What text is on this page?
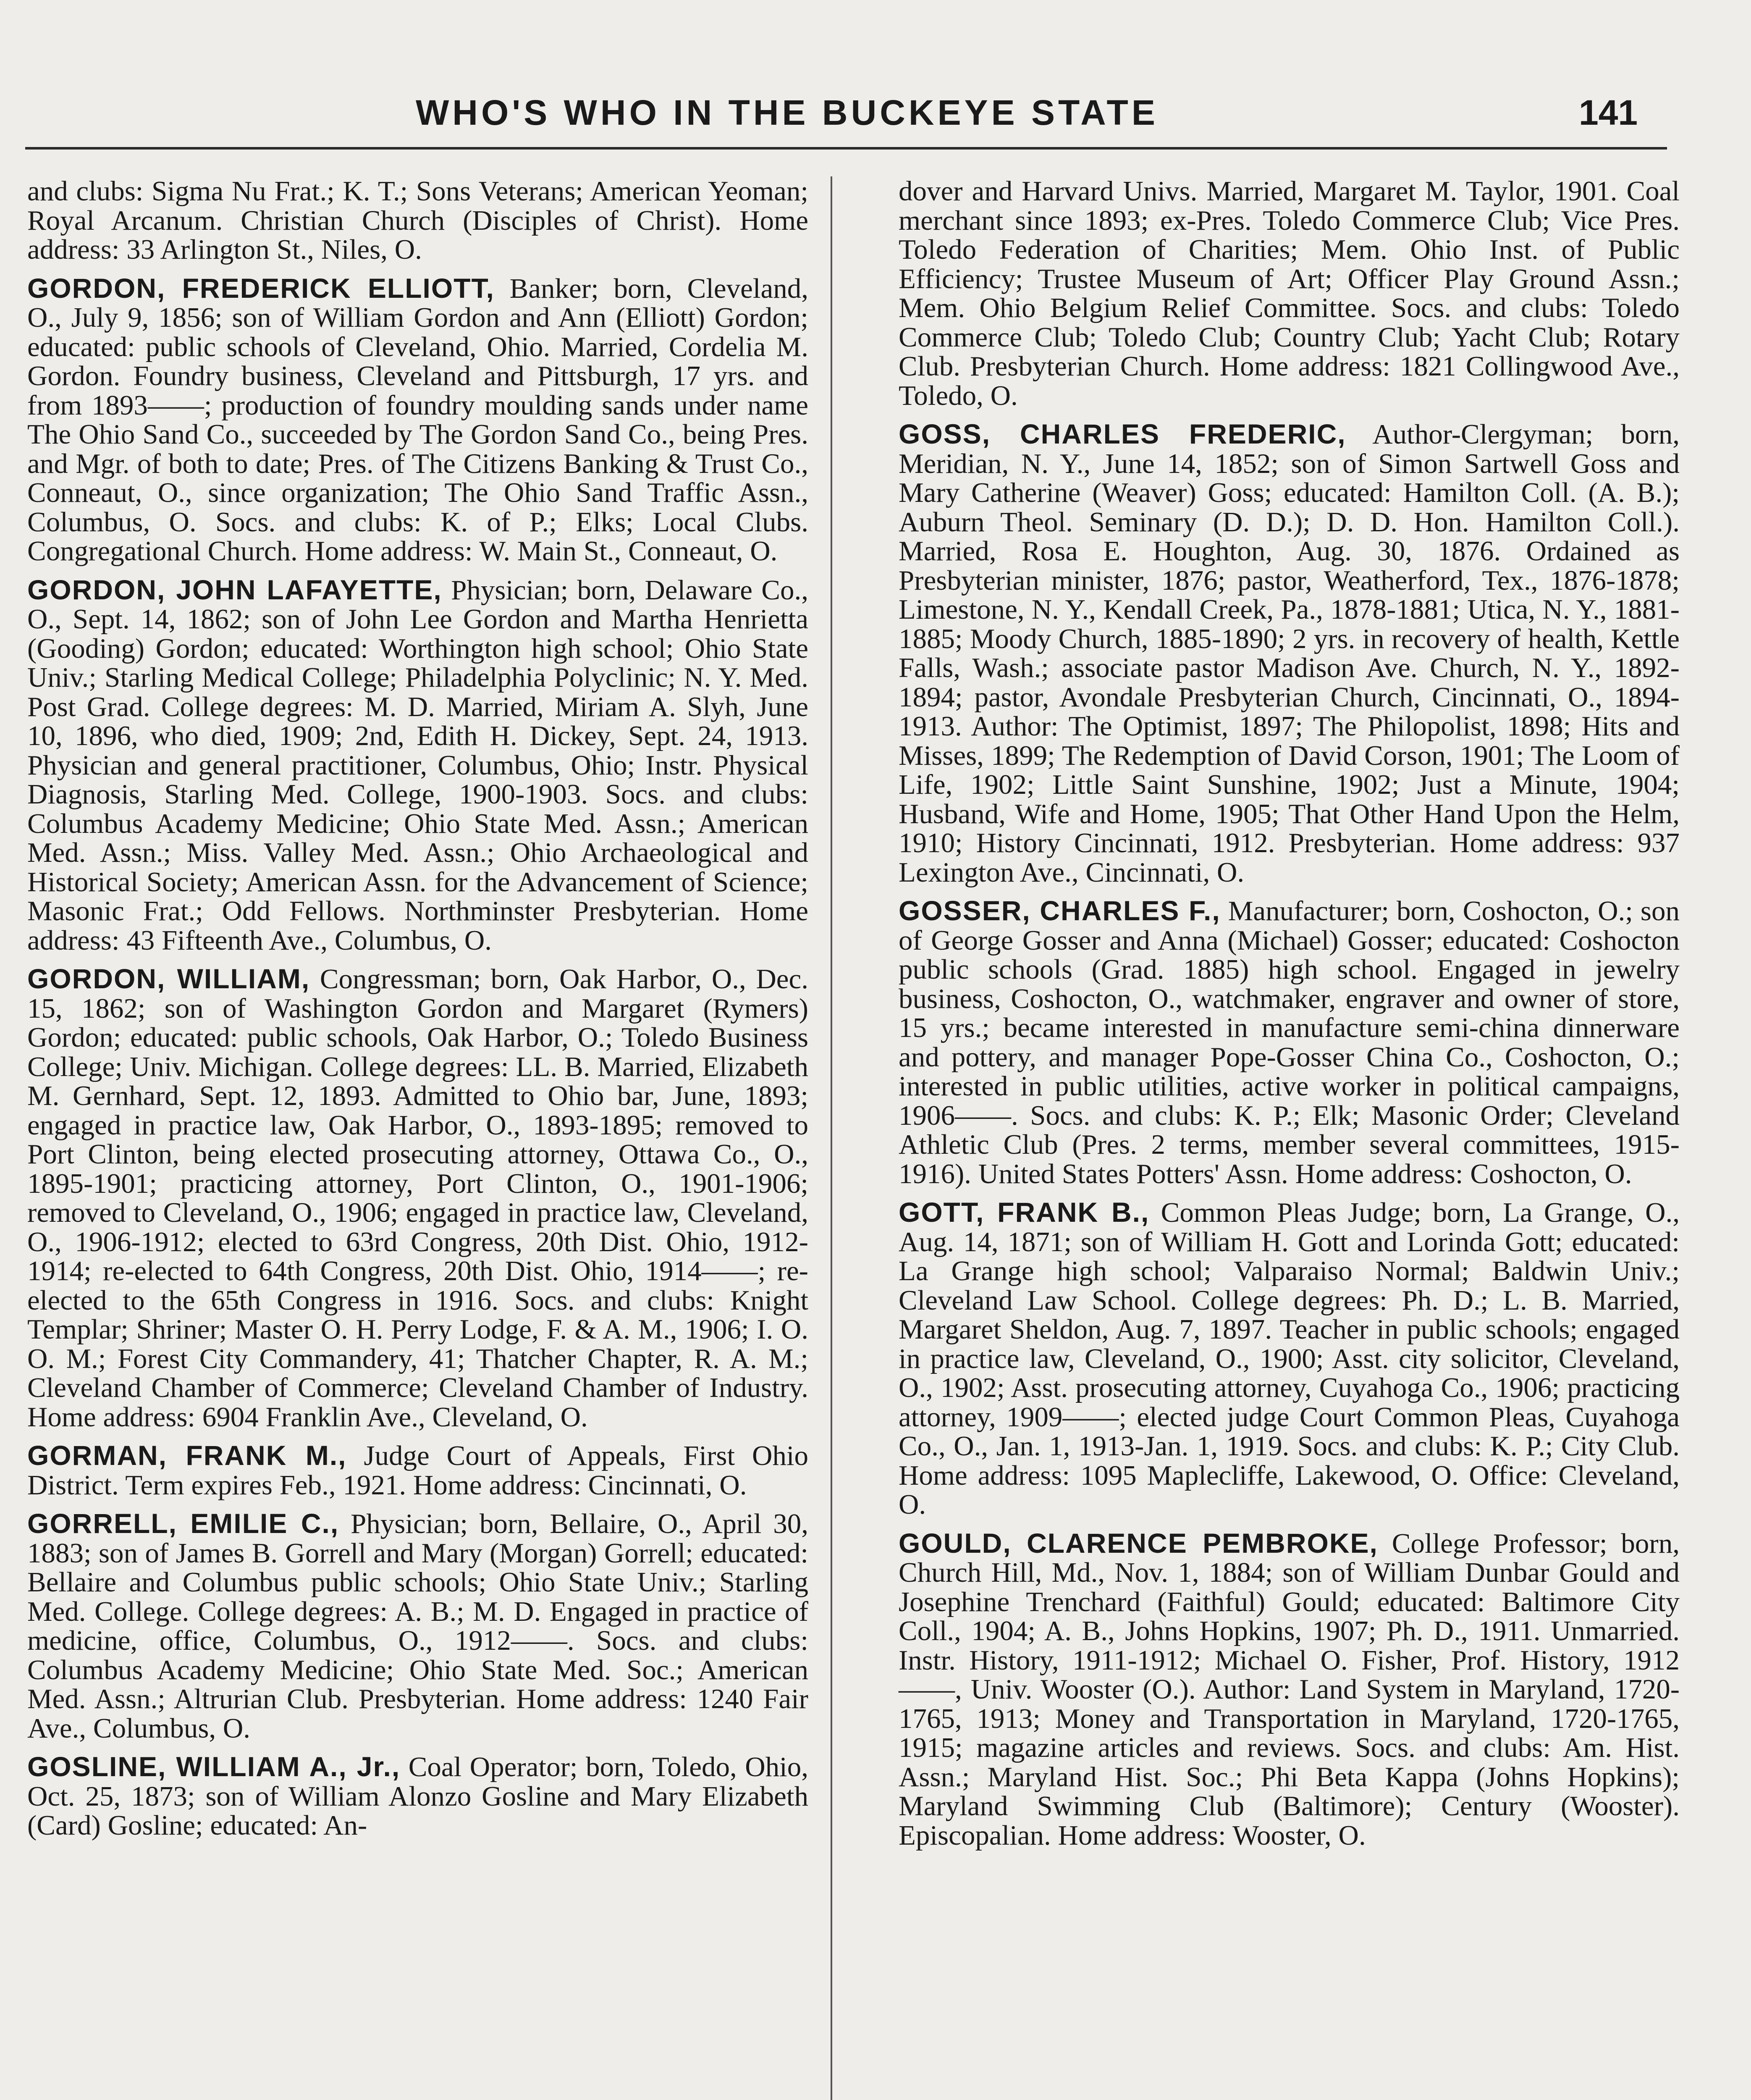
WHO'S WHO IN THE BUCKEYE STATE	141

and clubs: Sigma Nu Frat.; K. T.; Sons Veterans; American Yeoman; Royal Arcanum. Christian Church (Disciples of Christ). Home address: 33 Arlington St., Niles, O.

GORDON, FREDERICK ELLIOTT, Banker; born, Cleveland, O., July 9, 1856; son of William Gordon and Ann (Elliott) Gordon; educated: public schools of Cleveland, Ohio. Married, Cordelia M. Gordon. Foundry business, Cleveland and Pittsburgh, 17 yrs. and from 1893——; production of foundry moulding sands under name The Ohio Sand Co., succeeded by The Gordon Sand Co., being Pres. and Mgr. of both to date; Pres. of The Citizens Banking & Trust Co., Conneaut, O., since organization; The Ohio Sand Traffic Assn., Columbus, O. Socs. and clubs: K. of P.; Elks; Local Clubs. Congregational Church. Home address: W. Main St., Conneaut, O.

GORDON, JOHN LAFAYETTE, Physician; born, Delaware Co., O., Sept. 14, 1862; son of John Lee Gordon and Martha Henrietta (Gooding) Gordon; educated: Worthington high school; Ohio State Univ.; Starling Medical College; Philadelphia Polyclinic; N. Y. Med. Post Grad. College degrees: M. D. Married, Miriam A. Slyh, June 10, 1896, who died, 1909; 2nd, Edith H. Dickey, Sept. 24, 1913. Physician and general practitioner, Columbus, Ohio; Instr. Physical Diagnosis, Starling Med. College, 1900-1903. Socs. and clubs: Columbus Academy Medicine; Ohio State Med. Assn.; American Med. Assn.; Miss. Valley Med. Assn.; Ohio Archaeological and Historical Society; American Assn. for the Advancement of Science; Masonic Frat.; Odd Fellows. Northminster Presbyterian. Home address: 43 Fifteenth Ave., Columbus, O.

GORDON, WILLIAM, Congressman; born, Oak Harbor, O., Dec. 15, 1862; son of Washington Gordon and Margaret (Rymers) Gordon; educated: public schools, Oak Harbor, O.; Toledo Business College; Univ. Michigan. College degrees: LL. B. Married, Elizabeth M. Gernhard, Sept. 12, 1893. Admitted to Ohio bar, June, 1893; engaged in practice law, Oak Harbor, O., 1893-1895; removed to Port Clinton, being elected prosecuting attorney, Ottawa Co., O., 1895-1901; practicing attorney, Port Clinton, O., 1901-1906; removed to Cleveland, O., 1906; engaged in practice law, Cleveland, O., 1906-1912; elected to 63rd Congress, 20th Dist. Ohio, 1912-1914; re-elected to 64th Congress, 20th Dist. Ohio, 1914——; re-elected to the 65th Congress in 1916. Socs. and clubs: Knight Templar; Shriner; Master O. H. Perry Lodge, F. & A. M., 1906; I. O. O. M.; Forest City Commandery, 41; Thatcher Chapter, R. A. M.; Cleveland Chamber of Commerce; Cleveland Chamber of Industry. Home address: 6904 Franklin Ave., Cleveland, O.

GORMAN, FRANK M., Judge Court of Appeals, First Ohio District. Term expires Feb., 1921. Home address: Cincinnati, O.

GORRELL, EMILIE C., Physician; born, Bellaire, O., April 30, 1883; son of James B. Gorrell and Mary (Morgan) Gorrell; educated: Bellaire and Columbus public schools; Ohio State Univ.; Starling Med. College. College degrees: A. B.; M. D. Engaged in practice of medicine, office, Columbus, O., 1912——. Socs. and clubs: Columbus Academy Medicine; Ohio State Med. Soc.; American Med. Assn.; Altrurian Club. Presbyterian. Home address: 1240 Fair Ave., Columbus, O.

GOSLINE, WILLIAM A., Jr., Coal Operator; born, Toledo, Ohio, Oct. 25, 1873; son of William Alonzo Gosline and Mary Elizabeth (Card) Gosline; educated: An-

dover and Harvard Univs. Married, Margaret M. Taylor, 1901. Coal merchant since 1893; ex-Pres. Toledo Commerce Club; Vice Pres. Toledo Federation of Charities; Mem. Ohio Inst. of Public Efficiency; Trustee Museum of Art; Officer Play Ground Assn.; Mem. Ohio Belgium Relief Committee. Socs. and clubs: Toledo Commerce Club; Toledo Club; Country Club; Yacht Club; Rotary Club. Presbyterian Church. Home address: 1821 Collingwood Ave., Toledo, O.

GOSS, CHARLES FREDERIC, Author-Clergyman; born, Meridian, N. Y., June 14, 1852; son of Simon Sartwell Goss and Mary Catherine (Weaver) Goss; educated: Hamilton Coll. (A. B.); Auburn Theol. Seminary (D. D.); D. D. Hon. Hamilton Coll.). Married, Rosa E. Houghton, Aug. 30, 1876. Ordained as Presbyterian minister, 1876; pastor, Weatherford, Tex., 1876-1878; Limestone, N. Y., Kendall Creek, Pa., 1878-1881; Utica, N. Y., 1881-1885; Moody Church, 1885-1890; 2 yrs. in recovery of health, Kettle Falls, Wash.; associate pastor Madison Ave. Church, N. Y., 1892-1894; pastor, Avondale Presbyterian Church, Cincinnati, O., 1894-1913. Author: The Optimist, 1897; The Philopolist, 1898; Hits and Misses, 1899; The Redemption of David Corson, 1901; The Loom of Life, 1902; Little Saint Sunshine, 1902; Just a Minute, 1904; Husband, Wife and Home, 1905; That Other Hand Upon the Helm, 1910; History Cincinnati, 1912. Presbyterian. Home address: 937 Lexington Ave., Cincinnati, O.

GOSSER, CHARLES F., Manufacturer; born, Coshocton, O.; son of George Gosser and Anna (Michael) Gosser; educated: Coshocton public schools (Grad. 1885) high school. Engaged in jewelry business, Coshocton, O., watchmaker, engraver and owner of store, 15 yrs.; became interested in manufacture semi-china dinnerware and pottery, and manager Pope-Gosser China Co., Coshocton, O.; interested in public utilities, active worker in political campaigns, 1906——. Socs. and clubs: K. P.; Elk; Masonic Order; Cleveland Athletic Club (Pres. 2 terms, member several committees, 1915-1916). United States Potters' Assn. Home address: Coshocton, O.

GOTT, FRANK B., Common Pleas Judge; born, La Grange, O., Aug. 14, 1871; son of William H. Gott and Lorinda Gott; educated: La Grange high school; Valparaiso Normal; Baldwin Univ.; Cleveland Law School. College degrees: Ph. D.; L. B. Married, Margaret Sheldon, Aug. 7, 1897. Teacher in public schools; engaged in practice law, Cleveland, O., 1900; Asst. city solicitor, Cleveland, O., 1902; Asst. prosecuting attorney, Cuyahoga Co., 1906; practicing attorney, 1909——; elected judge Court Common Pleas, Cuyahoga Co., O., Jan. 1, 1913-Jan. 1, 1919. Socs. and clubs: K. P.; City Club. Home address: 1095 Maplecliffe, Lakewood, O. Office: Cleveland, O.

GOULD, CLARENCE PEMBROKE, College Professor; born, Church Hill, Md., Nov. 1, 1884; son of William Dunbar Gould and Josephine Trenchard (Faithful) Gould; educated: Baltimore City Coll., 1904; A. B., Johns Hopkins, 1907; Ph. D., 1911. Unmarried. Instr. History, 1911-1912; Michael O. Fisher, Prof. History, 1912——, Univ. Wooster (O.). Author: Land System in Maryland, 1720-1765, 1913; Money and Transportation in Maryland, 1720-1765, 1915; magazine articles and reviews. Socs. and clubs: Am. Hist. Assn.; Maryland Hist. Soc.; Phi Beta Kappa (Johns Hopkins); Maryland Swimming Club (Baltimore); Century (Wooster). Episcopalian. Home address: Wooster, O.
